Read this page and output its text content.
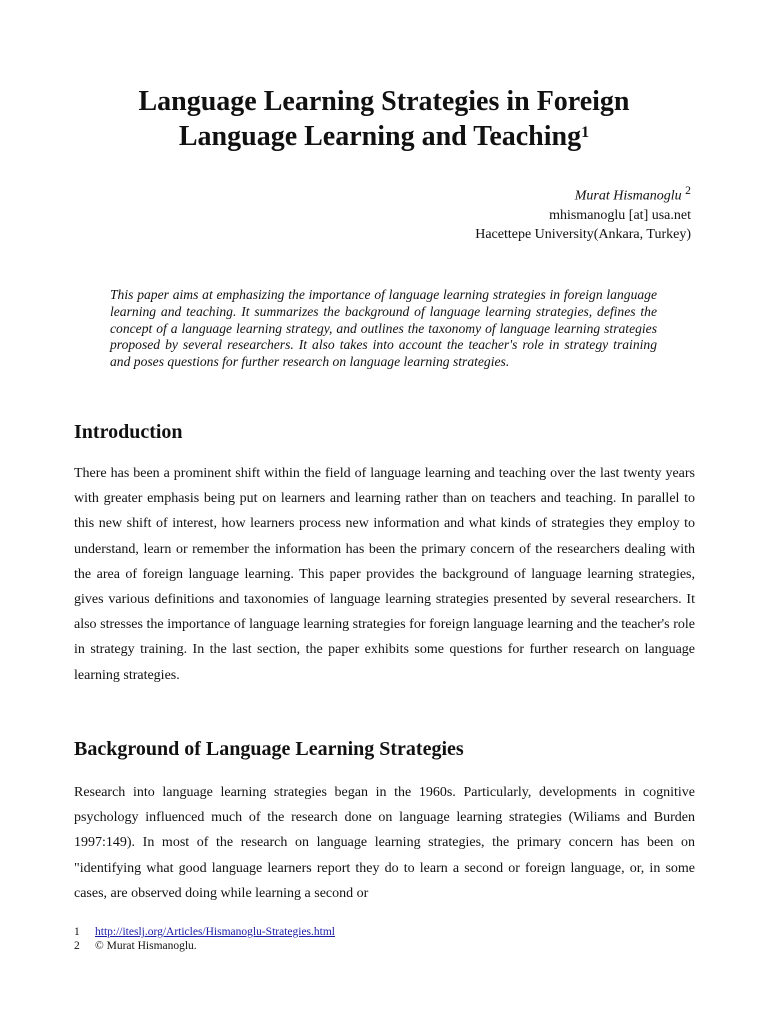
Language Learning Strategies in Foreign
Language Learning and Teaching$^1$
Murat Hismanoglu $^2$
mhismanoglu [at] usa.net
Hacettepe University(Ankara, Turkey)

This paper aims at emphasizing the importance of language learning strategies in foreign language learning and teaching. It summarizes the background of language learning strategies, defines the concept of a language learning strategy, and outlines the taxonomy of language learning strategies proposed by several researchers. It also takes into account the teacher's role in strategy training and poses questions for further research on language learning strategies.

Introduction

There has been a prominent shift within the field of language learning and teaching over the last twenty years with greater emphasis being put on learners and learning rather than on teachers and teaching. In parallel to this new shift of interest, how learners process new information and what kinds of strategies they employ to understand, learn or remember the information has been the primary concern of the researchers dealing with the area of foreign language learning. This paper provides the background of language learning strategies, gives various definitions and taxonomies of language learning strategies presented by several researchers. It also stresses the importance of language learning strategies for foreign language learning and the teacher's role in strategy training. In the last section, the paper exhibits some questions for further research on language learning strategies.

Background of Language Learning Strategies

Research into language learning strategies began in the 1960s. Particularly, developments in cognitive psychology influenced much of the research done on language learning strategies (Wiliams and Burden 1997:149). In most of the research on language learning strategies, the primary concern has been on "identifying what good language learners report they do to learn a second or foreign language, or, in some cases, are observed doing while learning a second or

1	http://iteslj.org/Articles/Hismanoglu-Strategies.html
2	© Murat Hismanoglu.
